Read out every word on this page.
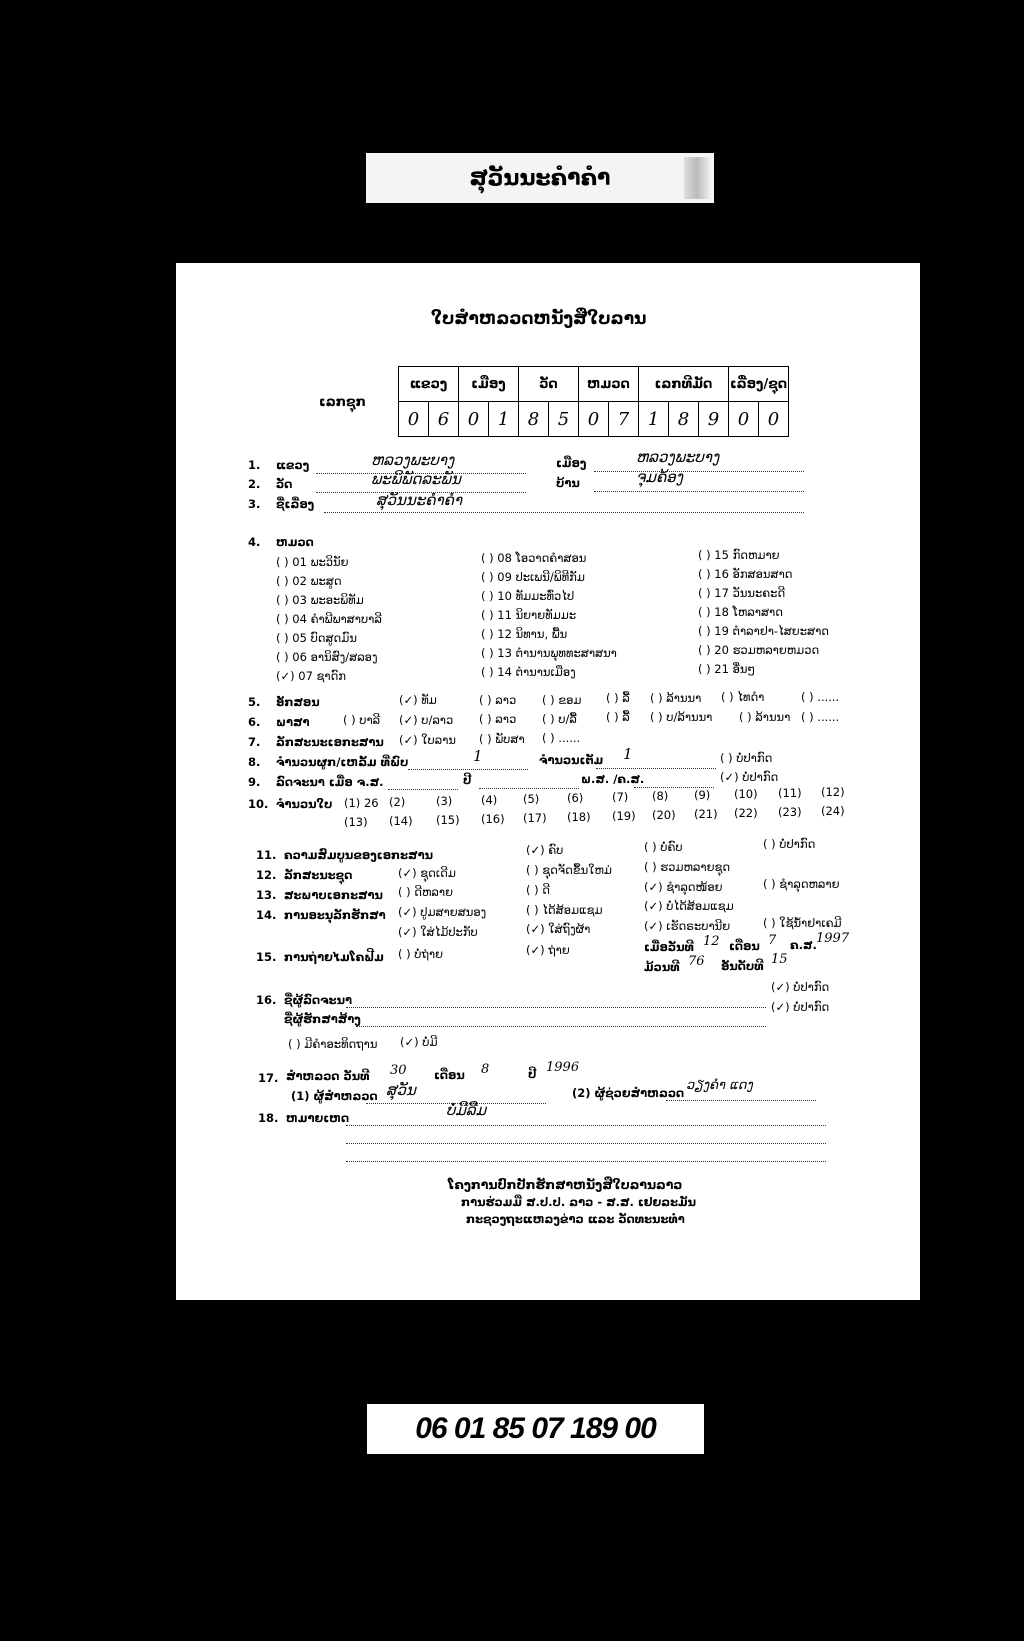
ສຸວັນນະຄຳຄຳ
ໃບສຳຫລວດຫນັງສືໃບລານ
ເລກຊຸກ
ແຂວງ		ເມືອງ		ວັດ		ຫມວດ		ເລກທີມັດ			ເລື່ອງ/ຊຸດ	
0	6	0	1	8	5	0	7	1	8	9	0	0
1. ແຂວງ	ຫລວງພະບາງ	ເມືອງ	ຫລວງພະບາງ
2. ວັດ	ພະພິພັດລະພັນ	ບ້ານ	ຈຸມຄ້ອງ
3. ຊື່ເລື່ອງ	ສຸວັນນະຄຳຄຳ
4. ຫມວດ
( ) 01 ພະວິນັຍ
( ) 02 ພະສູດ
( ) 03 ພະອະພິທັມ
( ) 04 ຄຳພີພາສາບາລີ
( ) 05 ບົດສູດມົນ
( ) 06 ອານິສົງ/ສລອງ
(✓) 07 ຊາດົກ
( ) 08 ໂອວາດຄຳສອນ
( ) 09 ປະເພນີ/ພິທີກັມ
( ) 10 ທັມມະທົ່ວໄປ
( ) 11 ນິຍາຍທັມມະ
( ) 12 ນິທານ, ພື້ນ
( ) 13 ຕຳນານພຸທທະສາສນາ
( ) 14 ຕຳນານເມືອງ
( ) 15 ກົດຫມາຍ
( ) 16 ອັກສອນສາດ
( ) 17 ວັນນະຄະດີ
( ) 18 ໂຫລາສາດ
( ) 19 ຕຳລາຢາ-ໄສຍະສາດ
( ) 20 ຮວມຫລາຍຫມວດ
( ) 21 ອື່ນໆ
5. ອັກສອນ	(✓) ທັມ	( ) ລາວ ( ) ຂອມ ( ) ລື້ ( ) ລ້ານນາ ( ) ໄທດຳ	( ) ......
6. ພາສາ	( ) ບາລີ (✓) ບ/ລາວ ( ) ລາວ ( ) ບ/ລື້	( ) ລື້ ( ) ບ/ລ້ານນາ ( ) ລ້ານນາ ( ) ......
7. ລັກສະນະເອກະສານ (✓) ໃບລານ ( ) ພັບສາ ( ) ......
8. ຈຳນວນຜູກ/ເຫລັ້ມ ທີ່ພົບ	1	ຈຳນວນເຕັມ 1	( ) ບໍ່ປາກົດ
9. ລົດຈະນາ ເມື່ອ ຈ.ສ.	ປີ	ພ.ສ. /ຄ.ສ.	(✓) ບໍ່ປາກົດ
10. ຈຳນວນໃບ (1) 26 (2)	(3) (4) (5) (6) (7) (8) (9) (10) (11) (12)
(13) (14) (15) (16) (17) (18) (19) (20) (21) (22) (23) (24)
11. ຄວາມສົມບູນຂອງເອກະສານ	(✓) ຄົບ	( ) ບໍ່ຄົບ	( ) ບໍ່ປາກົດ
12. ລັກສະນະຊຸດ	(✓) ຊຸດເດີມ	( ) ຊຸດຈັດຂຶ້ນໃຫມ່	( ) ຮວມຫລາຍຊຸດ
13. ສະພາບເອກະສານ ( ) ດີຫລາຍ	( ) ດີ	(✓) ຊຳລຸດໜ້ອຍ	( ) ຊຳລຸດຫລາຍ
14. ການອະນຸລັກຮັກສາ (✓) ປູມສາຍສນອງ	( ) ໄດ້ສ້ອມແຊມ	(✓) ບໍ່ໄດ້ສ້ອມແຊມ
(✓) ໃສ່ໄມ້ປະກັບ	(✓) ໃສ່ຖົງຜ້າ	(✓) ເຮັດຣະບານີຍ	( ) ໃຊ້ນ້ຳຢາເຄມີ
15. ການຖ່າຍໄມໂຄຟີມ ( ) ບໍ່ຖ່າຍ	(✓) ຖ່າຍ	ເມື່ອວັນທີ 12 ເດືອນ 7 ຄ.ສ. 1997
ມ້ວນທີ 76 ອັນດັບທີ 15
16. ຊື່ຜູ້ລົດຈະນາ
(✓) ບໍ່ປາກົດ
ຊື່ຜູ້ຮັກສາສ້າງ
(✓) ບໍ່ປາກົດ
( ) ມີຄຳອະທິດຖານ (✓) ບໍ່ມີ
17. ສຳຫລວດ ວັນທີ 30 ເດືອນ 8	ປີ 1996
(1) ຜູ້ສຳຫລວດ ສຸວັນ	(2) ຜູ້ຊ່ວຍສຳຫລວດ ວຽງຄຳ ແດງ
18. ຫມາຍເຫດ	ບໍ່ມີລືມ
ໂຄງການປົກປັກຮັກສາຫນັງສືໃບລານລາວ
ການຮ່ວມມື ສ.ປ.ປ. ລາວ - ສ.ສ. ເຢຍລະມັນ
ກະຊວງຖະແຫລງຂ່າວ ແລະ ວັດທະນະທຳ
06 01 85 07 189 00
